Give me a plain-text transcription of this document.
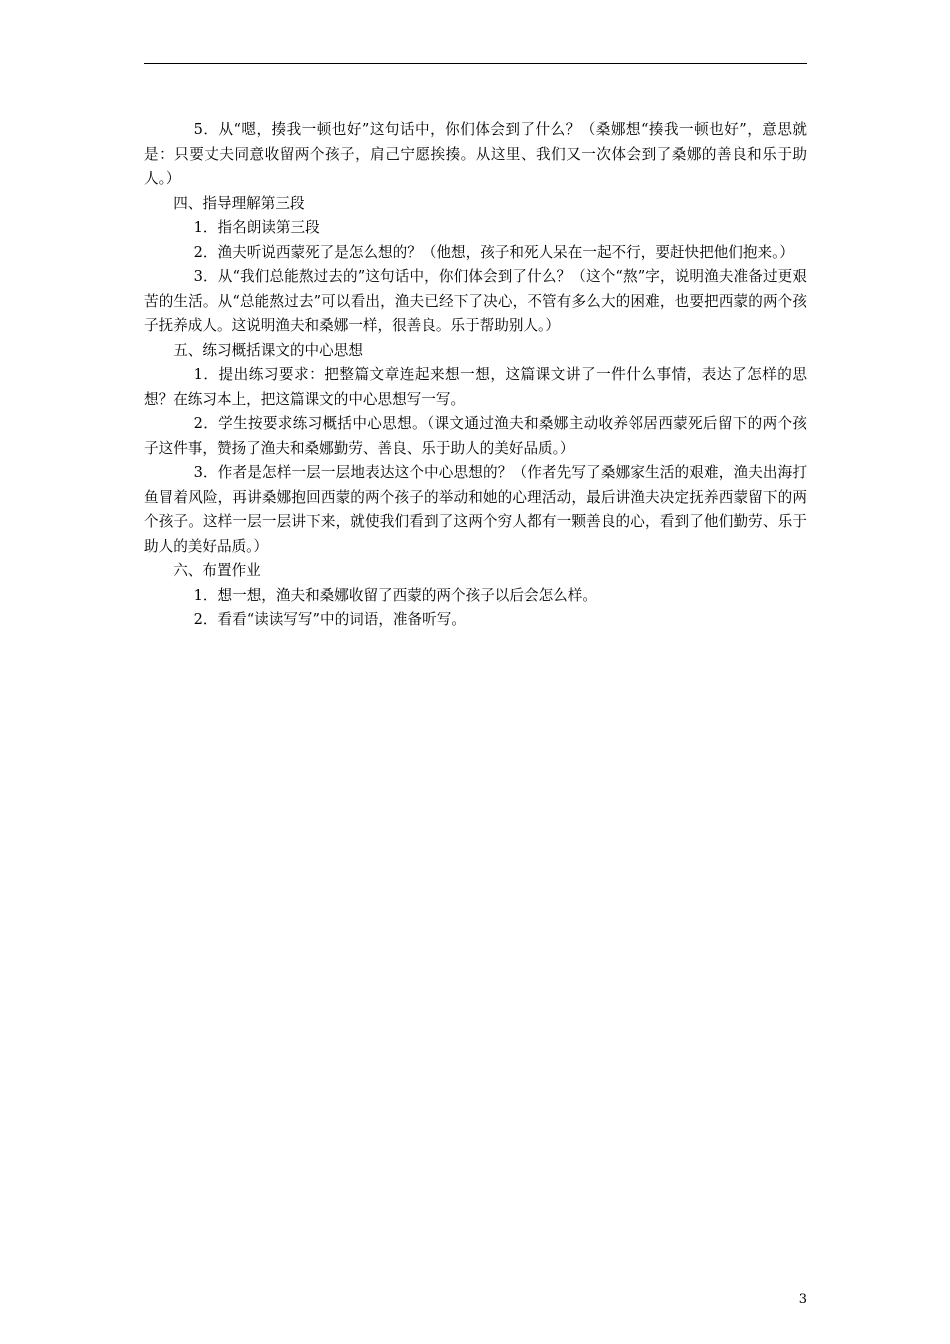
5．从“嗯，揍我一顿也好”这句话中，你们体会到了什么？（桑娜想“揍我一顿也好”，意思就是：只要丈夫同意收留两个孩子，肩己宁愿挨揍。从这里、我们又一次体会到了桑娜的善良和乐于助人。）

四、指导理解第三段

1．指名朗读第三段

2．渔夫听说西蒙死了是怎么想的？（他想，孩子和死人呆在一起不行，要赶快把他们抱来。）

3．从“我们总能熬过去的”这句话中，你们体会到了什么？（这个“熬”字，说明渔夫准备过更艰苦的生活。从“总能熬过去”可以看出，渔夫已经下了决心，不管有多么大的困难，也要把西蒙的两个孩子抚养成人。这说明渔夫和桑娜一样，很善良。乐于帮助别人。）

五、练习概括课文的中心思想

1．提出练习要求：把整篇文章连起来想一想，这篇课文讲了一件什么事情，表达了怎样的思想？在练习本上，把这篇课文的中心思想写一写。

2．学生按要求练习概括中心思想。（课文通过渔夫和桑娜主动收养邻居西蒙死后留下的两个孩子这件事，赞扬了渔夫和桑娜勤劳、善良、乐于助人的美好品质。）

3．作者是怎样一层一层地表达这个中心思想的？（作者先写了桑娜家生活的艰难，渔夫出海打鱼冒着风险，再讲桑娜抱回西蒙的两个孩子的举动和她的心理活动，最后讲渔夫决定抚养西蒙留下的两个孩子。这样一层一层讲下来，就使我们看到了这两个穷人都有一颗善良的心，看到了他们勤劳、乐于助人的美好品质。）

六、布置作业

1．想一想，渔夫和桑娜收留了西蒙的两个孩子以后会怎么样。

2．看看“读读写写”中的词语，准备听写。

3
